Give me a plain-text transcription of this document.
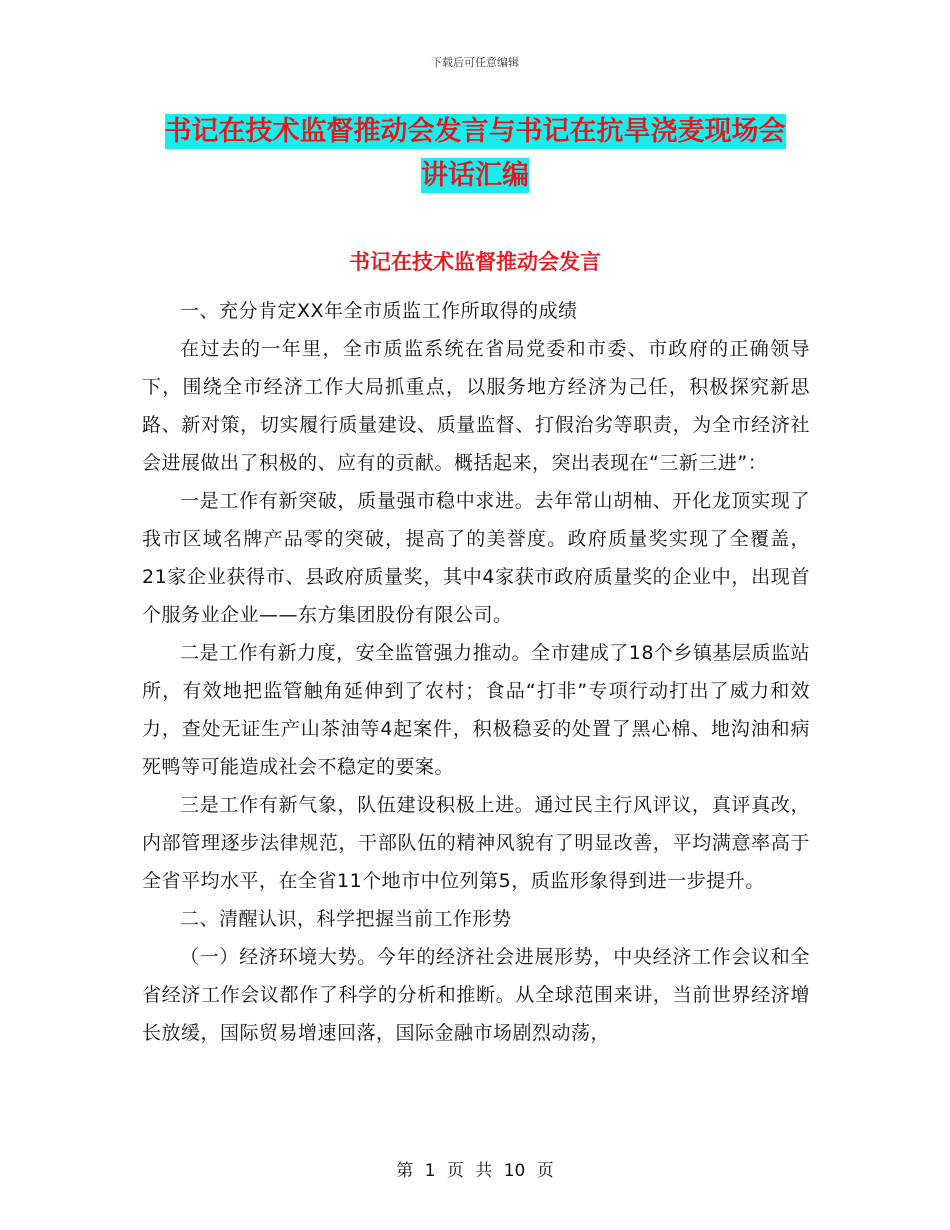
下载后可任意编辑
书记在技术监督推动会发言与书记在抗旱浇麦现场会
讲话汇编
书记在技术监督推动会发言

一、充分肯定XX年全市质监工作所取得的成绩

在过去的一年里，全市质监系统在省局党委和市委、市政府的正确领导下，围绕全市经济工作大局抓重点，以服务地方经济为己任，积极探究新思路、新对策，切实履行质量建设、质量监督、打假治劣等职责，为全市经济社会进展做出了积极的、应有的贡献。概括起来，突出表现在“三新三进”：

一是工作有新突破，质量强市稳中求进。去年常山胡柚、开化龙顶实现了我市区域名牌产品零的突破，提高了的美誉度。政府质量奖实现了全覆盖，21家企业获得市、县政府质量奖，其中4家获市政府质量奖的企业中，出现首个服务业企业——东方集团股份有限公司。

二是工作有新力度，安全监管强力推动。全市建成了18个乡镇基层质监站所，有效地把监管触角延伸到了农村；食品“打非”专项行动打出了威力和效力，查处无证生产山茶油等4起案件，积极稳妥的处置了黑心棉、地沟油和病死鸭等可能造成社会不稳定的要案。

三是工作有新气象，队伍建设积极上进。通过民主行风评议，真评真改，内部管理逐步法律规范，干部队伍的精神风貌有了明显改善，平均满意率高于全省平均水平，在全省11个地市中位列第5，质监形象得到进一步提升。

二、清醒认识，科学把握当前工作形势

（一）经济环境大势。今年的经济社会进展形势，中央经济工作会议和全省经济工作会议都作了科学的分析和推断。从全球范围来讲，当前世界经济增长放缓，国际贸易增速回落，国际金融市场剧烈动荡，

第 1 页 共 10 页
